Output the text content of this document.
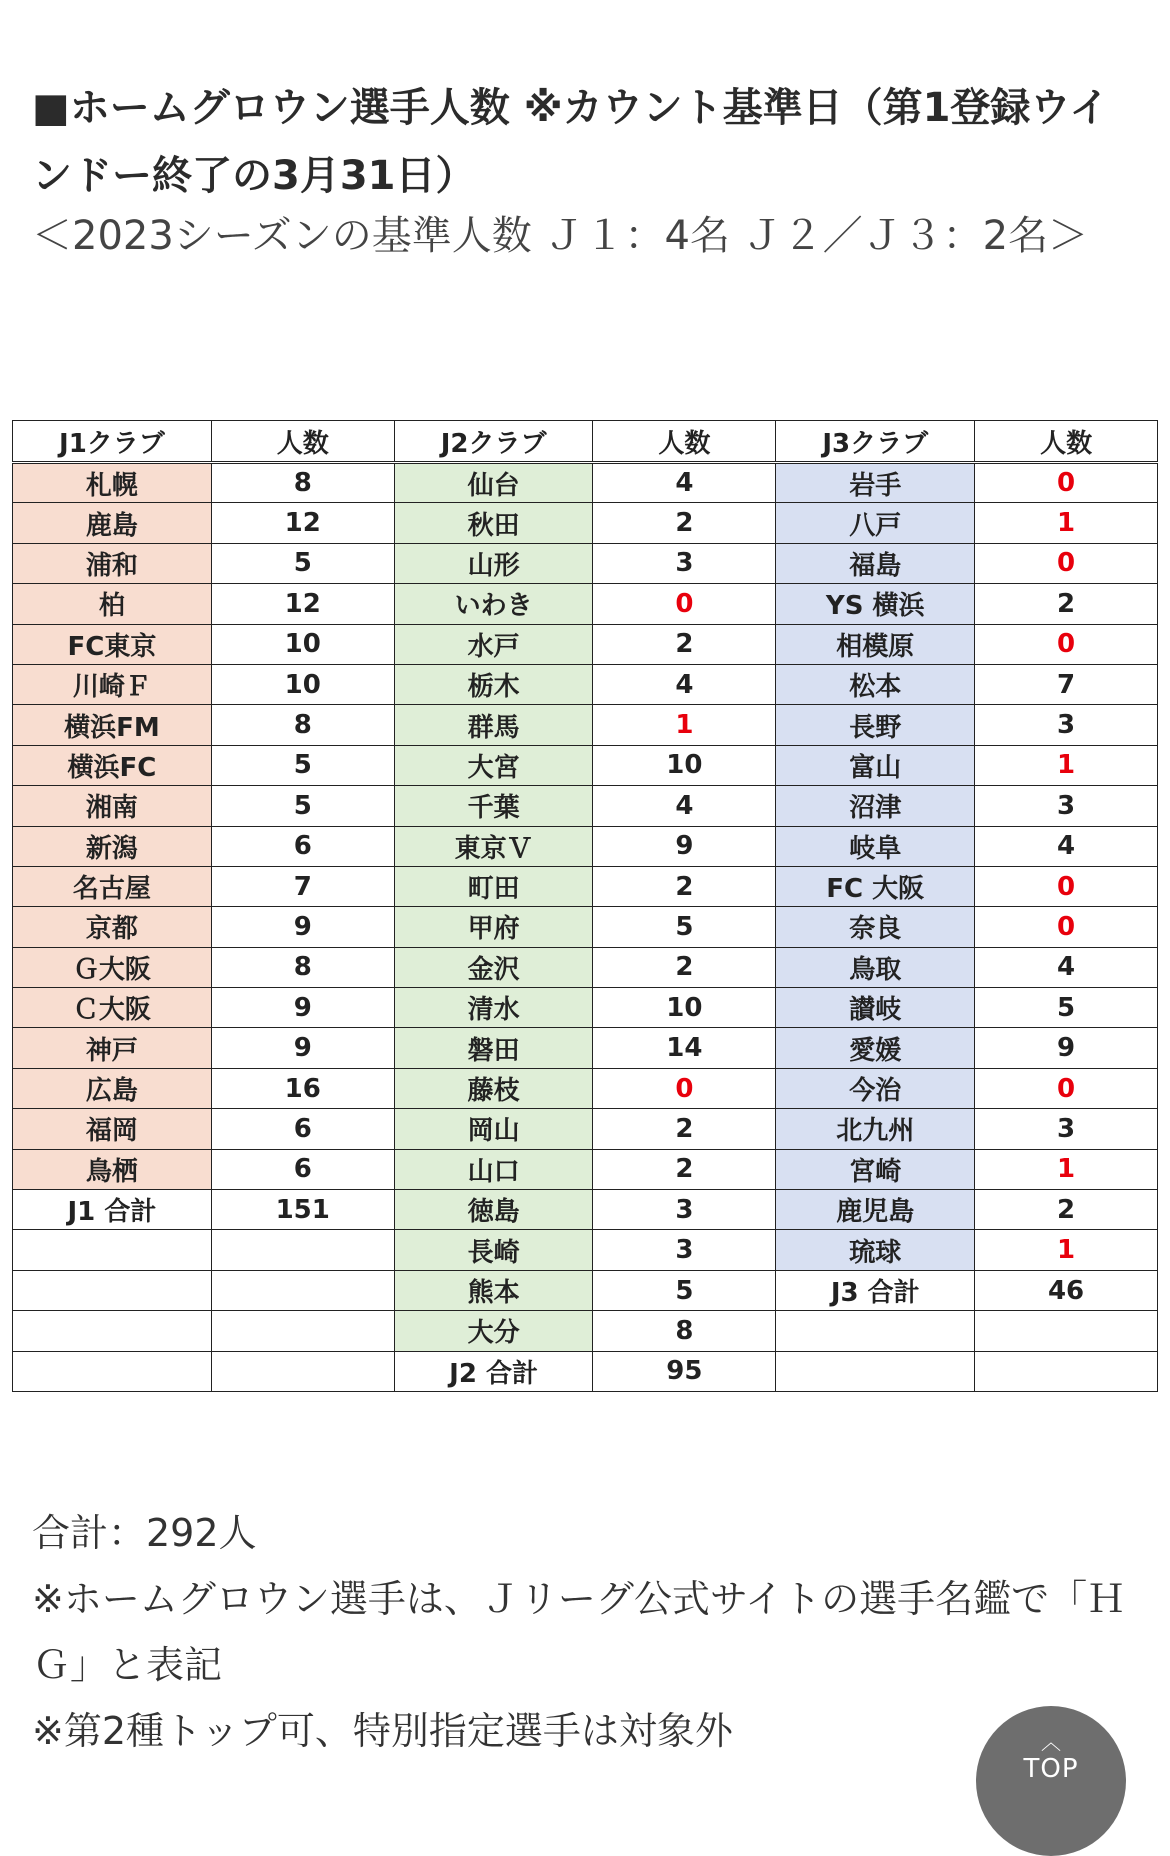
■ホームグロウン選手人数 ※カウント基準日（第1登録ウインドー終了の3月31日）

＜2023シーズンの基準人数 Ｊ１：4名 Ｊ２／Ｊ３：2名＞

J1クラブ	人数	J2クラブ	人数	J3クラブ	人数
札幌	8	仙台	4	岩手	0
鹿島	12	秋田	2	八戸	1
浦和	5	山形	3	福島	0
柏	12	いわき	0	YS 横浜	2
FC東京	10	水戸	2	相模原	0
川崎Ｆ	10	栃木	4	松本	7
横浜FM	8	群馬	1	長野	3
横浜FC	5	大宮	10	富山	1
湘南	5	千葉	4	沼津	3
新潟	6	東京Ｖ	9	岐阜	4
名古屋	7	町田	2	FC 大阪	0
京都	9	甲府	5	奈良	0
Ｇ大阪	8	金沢	2	鳥取	4
Ｃ大阪	9	清水	10	讃岐	5
神戸	9	磐田	14	愛媛	9
広島	16	藤枝	0	今治	0
福岡	6	岡山	2	北九州	3
鳥栖	6	山口	2	宮崎	1
J1 合計	151	徳島	3	鹿児島	2
		長崎	3	琉球	1
		熊本	5	J3 合計	46
		大分	8		
		J2 合計	95		

合計：292人

※ホームグロウン選手は、Ｊリーグ公式サイトの選手名鑑で「ＨＧ」と表記

※第2種トップ可、特別指定選手は対象外	︿
TOP
